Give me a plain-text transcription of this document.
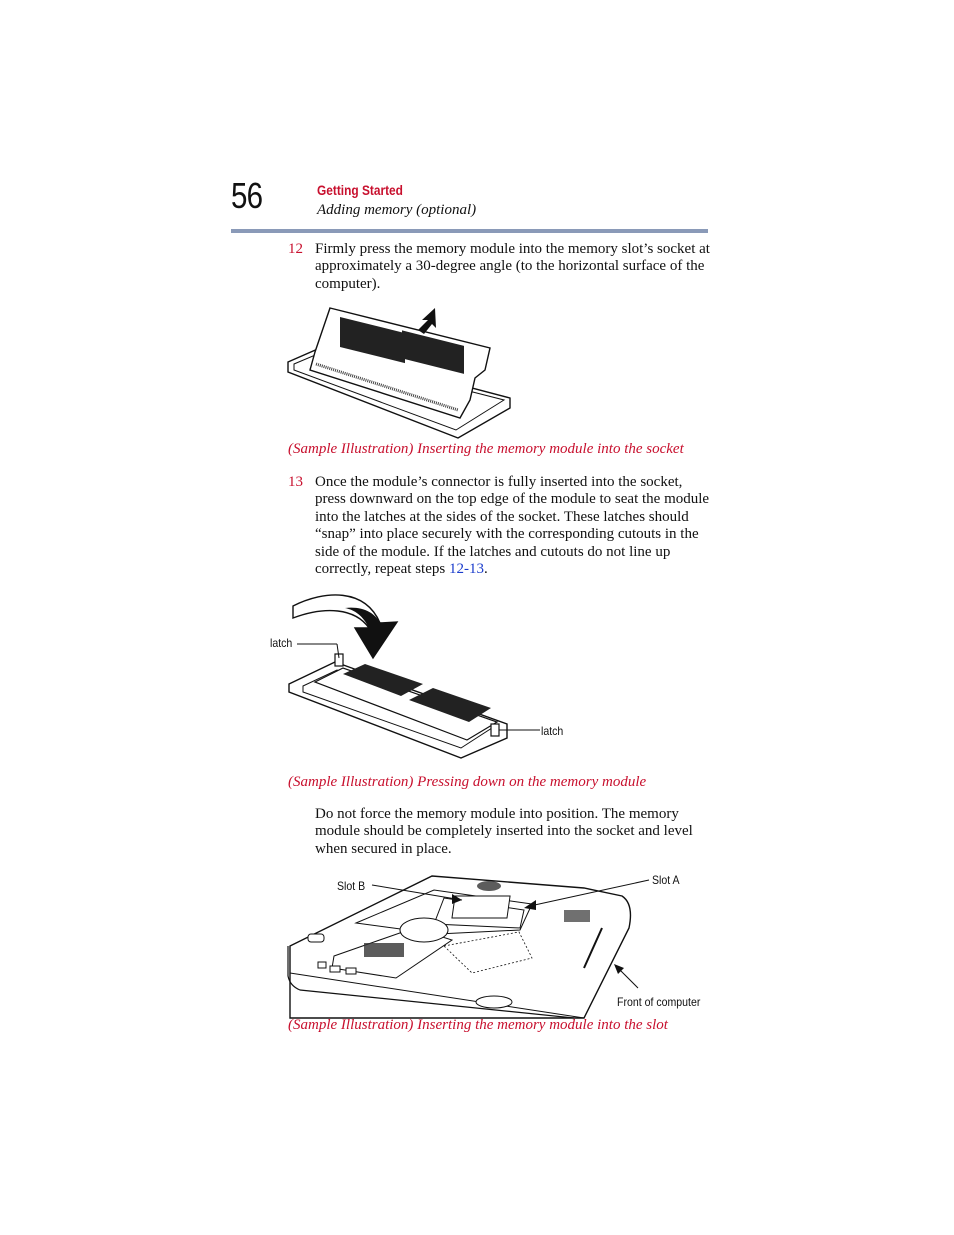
56	Getting Started
Adding memory (optional)
12 Firmly press the memory module into the memory slot’s socket at approximately a 30-degree angle (to the horizontal surface of the computer).
(Sample Illustration) Inserting the memory module into the socket
13 Once the module’s connector is fully inserted into the socket, press downward on the top edge of the module to seat the module into the latches at the sides of the socket. These latches should “snap” into place securely with the corresponding cutouts in the side of the module. If the latches and cutouts do not line up correctly, repeat steps 12-13.
latch
latch
(Sample Illustration) Pressing down on the memory module
Do not force the memory module into position. The memory module should be completely inserted into the socket and level when secured in place.
Slot B	Slot A
Front of computer
(Sample Illustration) Inserting the memory module into the slot
